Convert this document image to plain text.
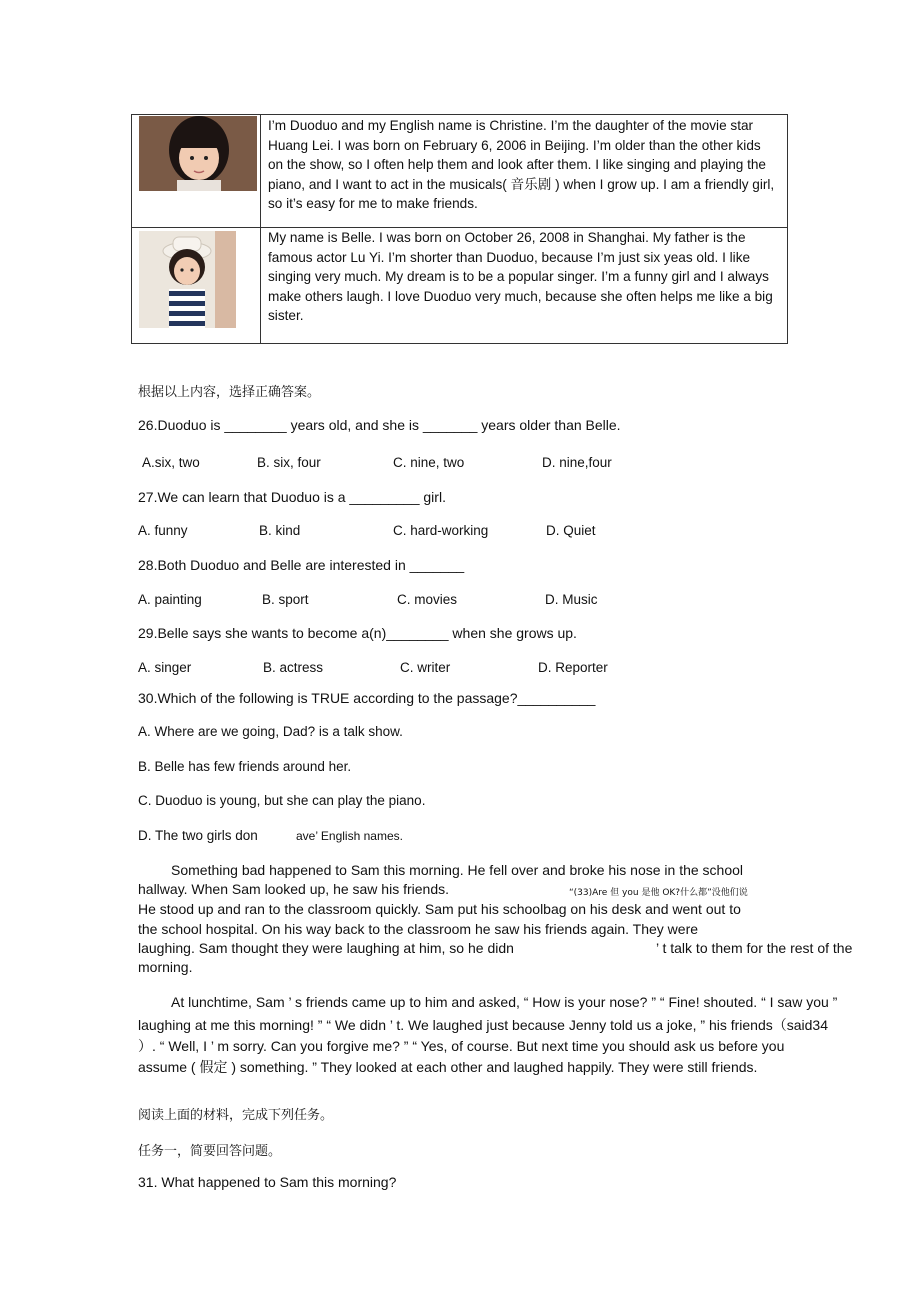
I’m Duoduo and my English name is Christine. I’m the daughter of the movie star Huang Lei. I was born on February 6, 2006 in Beijing. I’m older than the other kids on the show, so I often help them and look after them. I like singing and playing the piano, and I want to act in the musicals( 音乐剧 ) when I grow up. I am a friendly girl, so it’s easy for me to make friends.
My name is Belle. I was born on October 26, 2008 in Shanghai. My father is the famous actor Lu Yi. I’m shorter than Duoduo, because I’m just six yeas old. I like singing very much. My dream is to be a popular singer. I’m a funny girl and I always make others laugh. I love Duoduo very much, because she often helps me like a big sister.
根据以上内容，选择正确答案。
26.Duoduo is ________ years old, and she is _______ years older than Belle.
A.six, two	B. six, four	C. nine, two	D. nine,four
27.We can learn that Duoduo is a _________ girl.
A. funny	B. kind	C. hard-working	D. Quiet
28.Both Duoduo and Belle are interested in _______
A. painting	B. sport	C. movies	D. Music
29.Belle says she wants to become a(n)________ when she grows up.
A. singer	B. actress	C. writer	D. Reporter
30.Which of the following is TRUE according to the passage?__________
A. Where are we going, Dad? is a talk show.
B. Belle has few friends around her.
C. Duoduo is young, but she can play the piano.
D. The two girls don	ave’ English names.
Something bad happened to Sam this morning. He fell over and broke his nose in the school
hallway. When Sam looked up, he saw his friends.	“(33)Are 但 you 是他 OK?什么都”没他们说
He stood up and ran to the classroom quickly. Sam put his schoolbag on his desk and went out to
the school hospital. On his way back to the classroom he saw his friends again. They were
laughing. Sam thought they were laughing at him, so he didn	’ t talk to them for the rest of the
morning.
At lunchtime, Sam ’ s friends came up to him and asked, “ How is your nose? ” “ Fine! shouted. “ I saw you ”
laughing at me this morning! ” “ We didn ’ t. We laughed just because Jenny told us a joke, ” his friends（said34
）. “ Well, I ’ m sorry. Can you forgive me? ” “ Yes, of course. But next time you should ask us before you
assume ( 假定 ) something. ” They looked at each other and laughed happily. They were still friends.
阅读上面的材料，完成下列任务。
任务一，简要回答问题。
31. What happened to Sam this morning?
